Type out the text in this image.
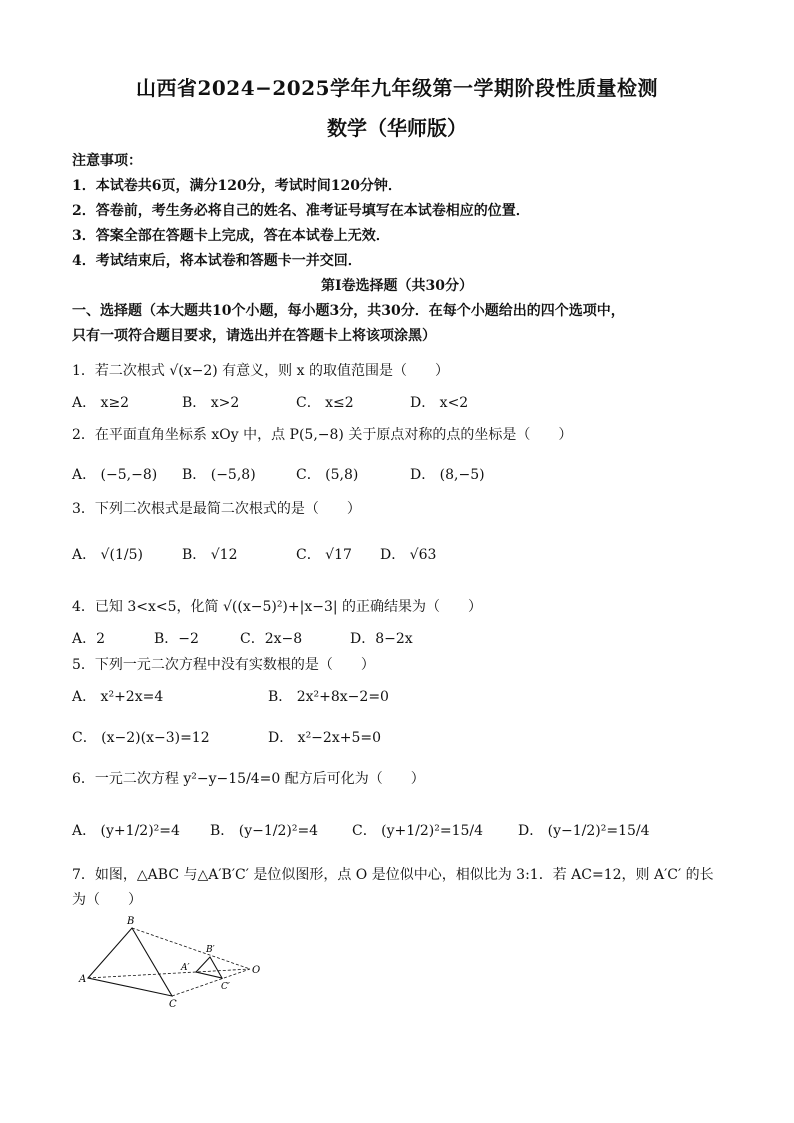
山西省2024−2025学年九年级第一学期阶段性质量检测
数学（华师版）
注意事项：
1．本试卷共6页，满分120分，考试时间120分钟．
2．答卷前，考生务必将自己的姓名、准考证号填写在本试卷相应的位置．
3．答案全部在答题卡上完成，答在本试卷上无效．
4．考试结束后，将本试卷和答题卡一并交回．
第Ⅰ卷选择题（共30分）
一、选择题（本大题共10个小题，每小题3分，共30分．在每个小题给出的四个选项中，
只有一项符合题目要求，请选出并在答题卡上将该项涂黑）
1．若二次根式 √(x−2) 有意义，则 x 的取值范围是（　　）
A． x≥2	B． x>2	C． x≤2	D． x<2
2．在平面直角坐标系 xOy 中，点 P(5,−8) 关于原点对称的点的坐标是（　　）
A． (−5,−8) B． (−5,8)	C． (5,8)	D． (8,−5)
3．下列二次根式是最简二次根式的是（　　）
A． √(1/5)	B． √12	C． √17 D． √63
4．已知 3<x<5，化简 √((x−5)²)+|x−3| 的正确结果为（　　）
A．2	B．−2	C．2x−8	D．8−2x
5．下列一元二次方程中没有实数根的是（　　）
A． x²+2x=4	B． 2x²+8x−2=0
C． (x−2)(x−3)=12	D． x²−2x+5=0
6．一元二次方程 y²−y−15/4=0 配方后可化为（　　）
A． (y+1/2)²=4 B． (y−1/2)²=4 C． (y+1/2)²=15/4 D． (y−1/2)²=15/4
7．如图，△ABC 与△A′B′C′ 是位似图形，点 O 是位似中心，相似比为 3:1．若 AC=12，则 A′C′ 的长
为（　　）
A
B
C
A′
B′
C′
O
